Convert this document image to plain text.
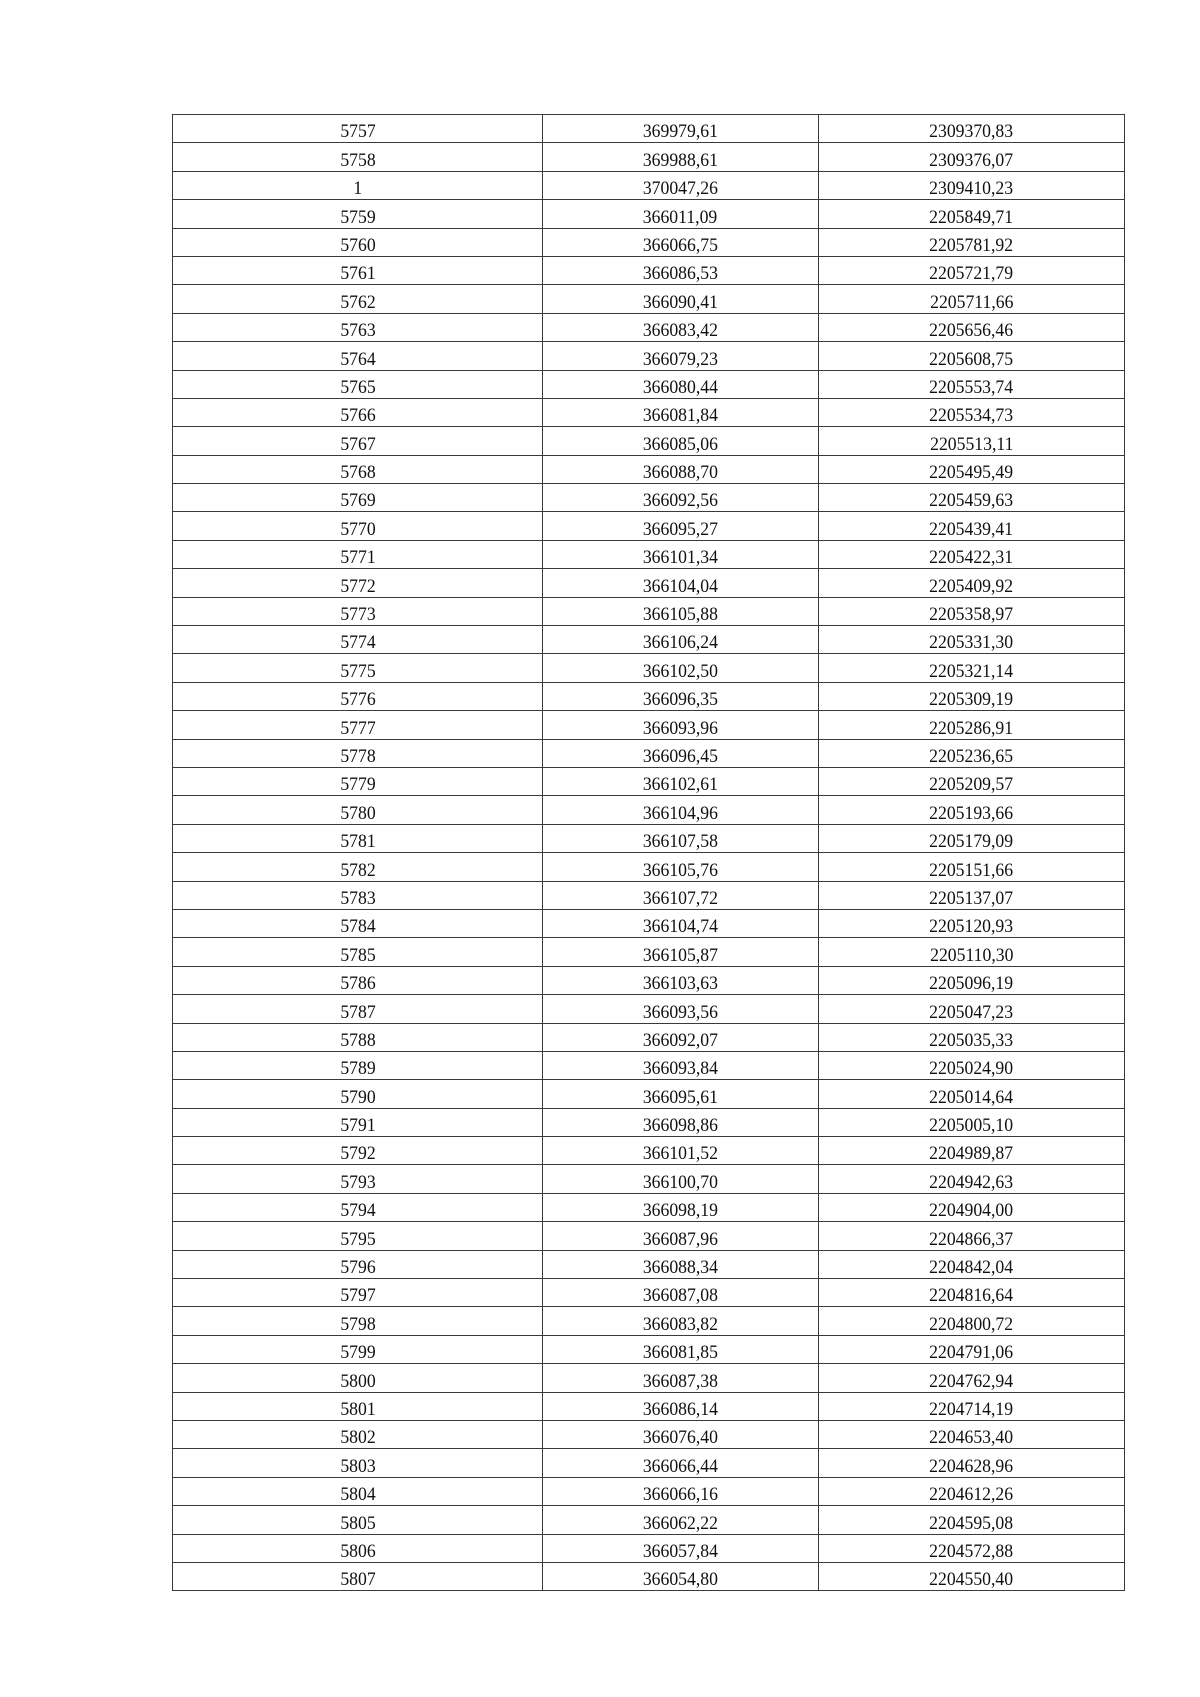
5757	369979,61	2309370,83
5758	369988,61	2309376,07
1	370047,26	2309410,23
5759	366011,09	2205849,71
5760	366066,75	2205781,92
5761	366086,53	2205721,79
5762	366090,41	2205711,66
5763	366083,42	2205656,46
5764	366079,23	2205608,75
5765	366080,44	2205553,74
5766	366081,84	2205534,73
5767	366085,06	2205513,11
5768	366088,70	2205495,49
5769	366092,56	2205459,63
5770	366095,27	2205439,41
5771	366101,34	2205422,31
5772	366104,04	2205409,92
5773	366105,88	2205358,97
5774	366106,24	2205331,30
5775	366102,50	2205321,14
5776	366096,35	2205309,19
5777	366093,96	2205286,91
5778	366096,45	2205236,65
5779	366102,61	2205209,57
5780	366104,96	2205193,66
5781	366107,58	2205179,09
5782	366105,76	2205151,66
5783	366107,72	2205137,07
5784	366104,74	2205120,93
5785	366105,87	2205110,30
5786	366103,63	2205096,19
5787	366093,56	2205047,23
5788	366092,07	2205035,33
5789	366093,84	2205024,90
5790	366095,61	2205014,64
5791	366098,86	2205005,10
5792	366101,52	2204989,87
5793	366100,70	2204942,63
5794	366098,19	2204904,00
5795	366087,96	2204866,37
5796	366088,34	2204842,04
5797	366087,08	2204816,64
5798	366083,82	2204800,72
5799	366081,85	2204791,06
5800	366087,38	2204762,94
5801	366086,14	2204714,19
5802	366076,40	2204653,40
5803	366066,44	2204628,96
5804	366066,16	2204612,26
5805	366062,22	2204595,08
5806	366057,84	2204572,88
5807	366054,80	2204550,40
